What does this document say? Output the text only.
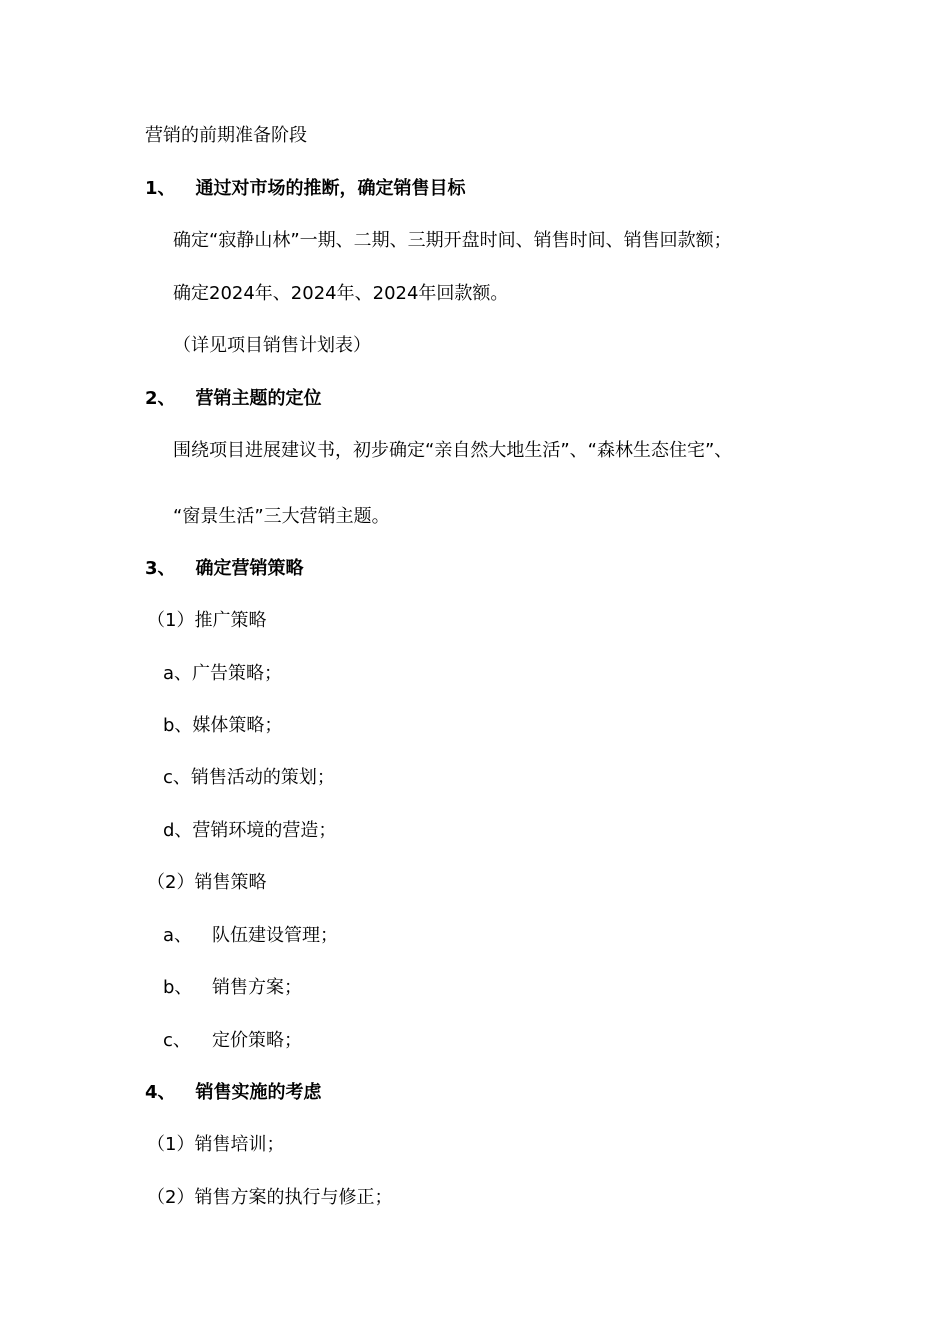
营销的前期准备阶段

1、 通过对市场的推断，确定销售目标

确定“寂静山林”一期、二期、三期开盘时间、销售时间、销售回款额；

确定2024年、2024年、2024年回款额。

（详见项目销售计划表）

2、 营销主题的定位

围绕项目进展建议书，初步确定“亲自然大地生活”、“森林生态住宅”、

“窗景生活”三大营销主题。

3、 确定营销策略

（1）推广策略

a、广告策略；

b、媒体策略；

c、销售活动的策划；

d、营销环境的营造；

（2）销售策略

a、 队伍建设管理；

b、 销售方案；

c、 定价策略；

4、 销售实施的考虑

（1）销售培训；

（2）销售方案的执行与修正；
